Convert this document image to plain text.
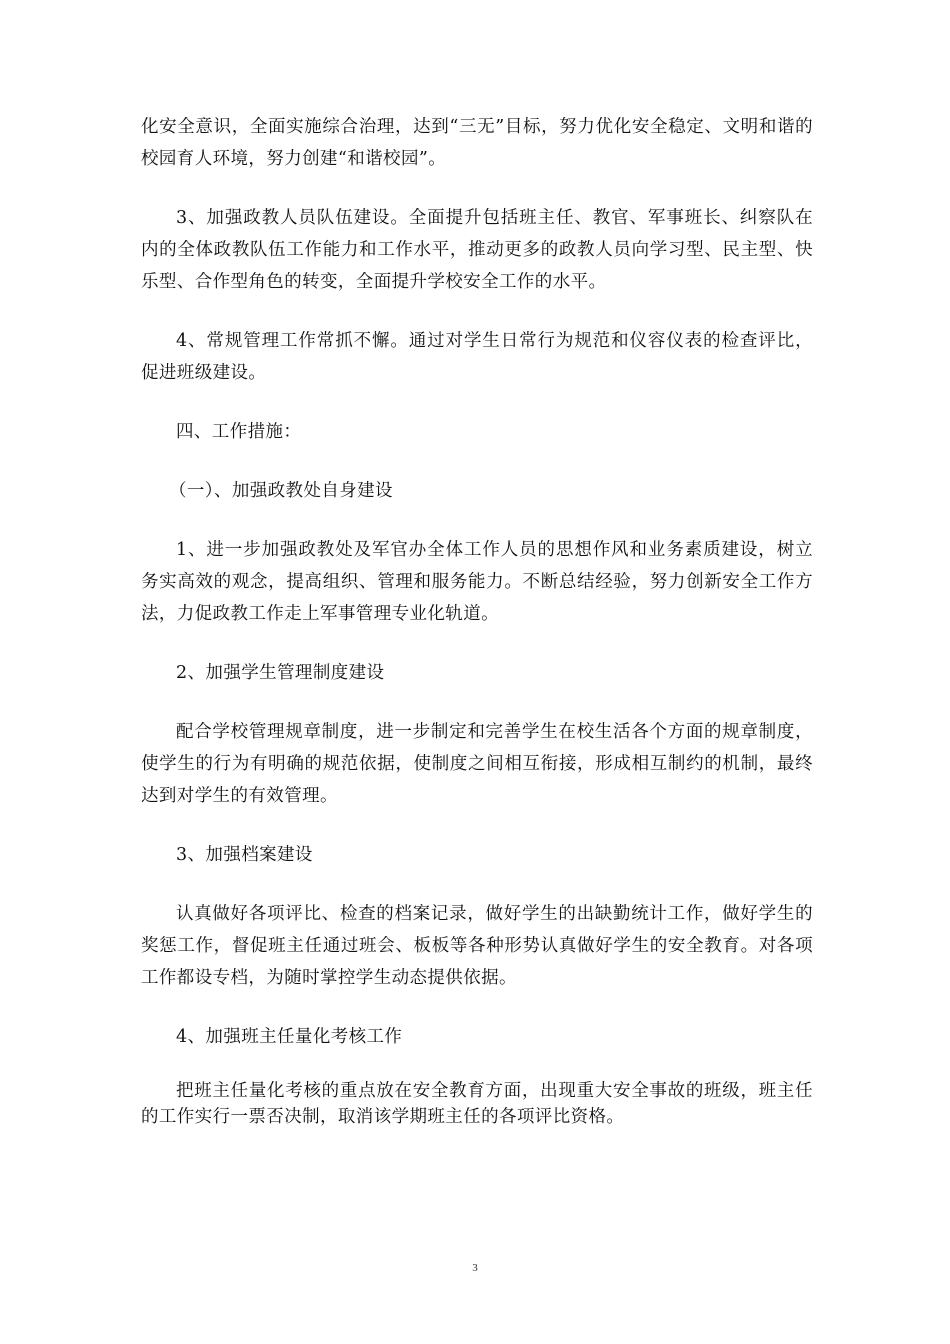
化安全意识，全面实施综合治理，达到“三无”目标，努力优化安全稳定、文明和谐的校园育人环境，努力创建“和谐校园”。

3、加强政教人员队伍建设。全面提升包括班主任、教官、军事班长、纠察队在内的全体政教队伍工作能力和工作水平，推动更多的政教人员向学习型、民主型、快乐型、合作型角色的转变，全面提升学校安全工作的水平。

4、常规管理工作常抓不懈。通过对学生日常行为规范和仪容仪表的检查评比，促进班级建设。

四、工作措施：

（一）、加强政教处自身建设

1、进一步加强政教处及军官办全体工作人员的思想作风和业务素质建设，树立务实高效的观念，提高组织、管理和服务能力。不断总结经验，努力创新安全工作方法，力促政教工作走上军事管理专业化轨道。

2、加强学生管理制度建设

配合学校管理规章制度，进一步制定和完善学生在校生活各个方面的规章制度，使学生的行为有明确的规范依据，使制度之间相互衔接，形成相互制约的机制，最终达到对学生的有效管理。

3、加强档案建设

认真做好各项评比、检查的档案记录，做好学生的出缺勤统计工作，做好学生的奖惩工作，督促班主任通过班会、板板等各种形势认真做好学生的安全教育。对各项工作都设专档，为随时掌控学生动态提供依据。

4、加强班主任量化考核工作

把班主任量化考核的重点放在安全教育方面，出现重大安全事故的班级，班主任的工作实行一票否决制，取消该学期班主任的各项评比资格。

3
